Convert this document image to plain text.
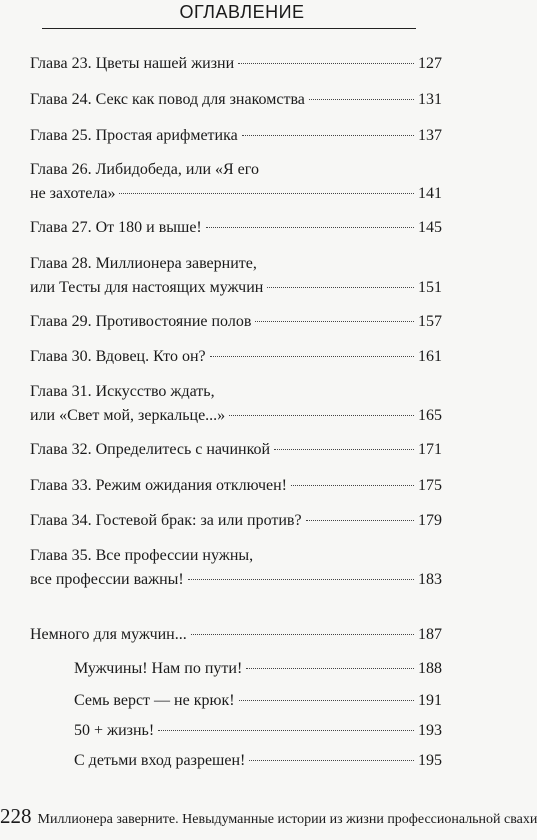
ОГЛАВЛЕНИЕ
Глава 23. Цветы нашей жизни	127
Глава 24. Секс как повод для знакомства	131
Глава 25. Простая арифметика	137
Глава 26. Либидобеда, или «Я его
не захотела»	141
Глава 27. От 180 и выше!	145
Глава 28. Миллионера заверните,
или Тесты для настоящих мужчин	151
Глава 29. Противостояние полов	157
Глава 30. Вдовец. Кто он?	161
Глава 31. Искусство ждать,
или «Свет мой, зеркальце...»	165
Глава 32. Определитесь с начинкой	171
Глава 33. Режим ожидания отключен!	175
Глава 34. Гостевой брак: за или против?	179
Глава 35. Все профессии нужны,
все профессии важны!	183
Немного для мужчин...	187
Мужчины! Нам по пути!	188
Семь верст — не крюк!	191
50 + жизнь!	193
С детьми вход разрешен!	195
228 Миллионера заверните. Невыдуманные истории из жизни профессиональной свахи
